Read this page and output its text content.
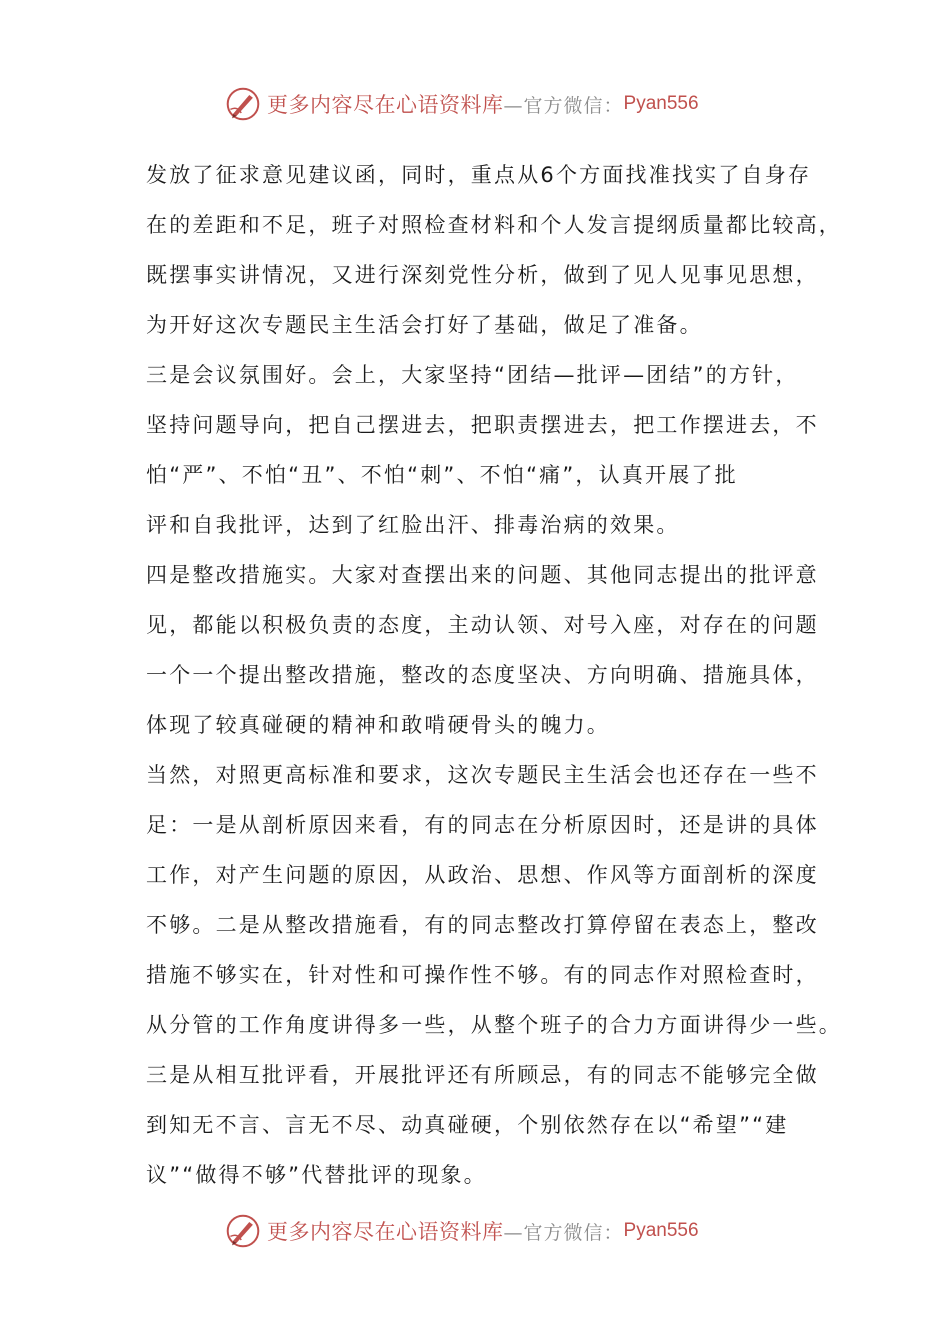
更多内容尽在心语资料库 —官方微信： Pyan556
发放了征求意见建议函，同时，重点从6个方面找准找实了自身存
在的差距和不足，班子对照检查材料和个人发言提纲质量都比较高，
既摆事实讲情况，又进行深刻党性分析，做到了见人见事见思想，
为开好这次专题民主生活会打好了基础，做足了准备。
三是会议氛围好。会上，大家坚持“团结—批评—团结”的方针，
坚持问题导向，把自己摆进去，把职责摆进去，把工作摆进去，不
怕“严”、不怕“丑”、不怕“刺”、不怕“痛”，认真开展了批
评和自我批评，达到了红脸出汗、排毒治病的效果。
四是整改措施实。大家对查摆出来的问题、其他同志提出的批评意
见，都能以积极负责的态度，主动认领、对号入座，对存在的问题
一个一个提出整改措施，整改的态度坚决、方向明确、措施具体，
体现了较真碰硬的精神和敢啃硬骨头的魄力。
当然，对照更高标准和要求，这次专题民主生活会也还存在一些不
足：一是从剖析原因来看，有的同志在分析原因时，还是讲的具体
工作，对产生问题的原因，从政治、思想、作风等方面剖析的深度
不够。二是从整改措施看，有的同志整改打算停留在表态上，整改
措施不够实在，针对性和可操作性不够。有的同志作对照检查时，
从分管的工作角度讲得多一些，从整个班子的合力方面讲得少一些。
三是从相互批评看，开展批评还有所顾忌，有的同志不能够完全做
到知无不言、言无不尽、动真碰硬，个别依然存在以“希望”“建
议”“做得不够”代替批评的现象。
更多内容尽在心语资料库 —官方微信： Pyan556
